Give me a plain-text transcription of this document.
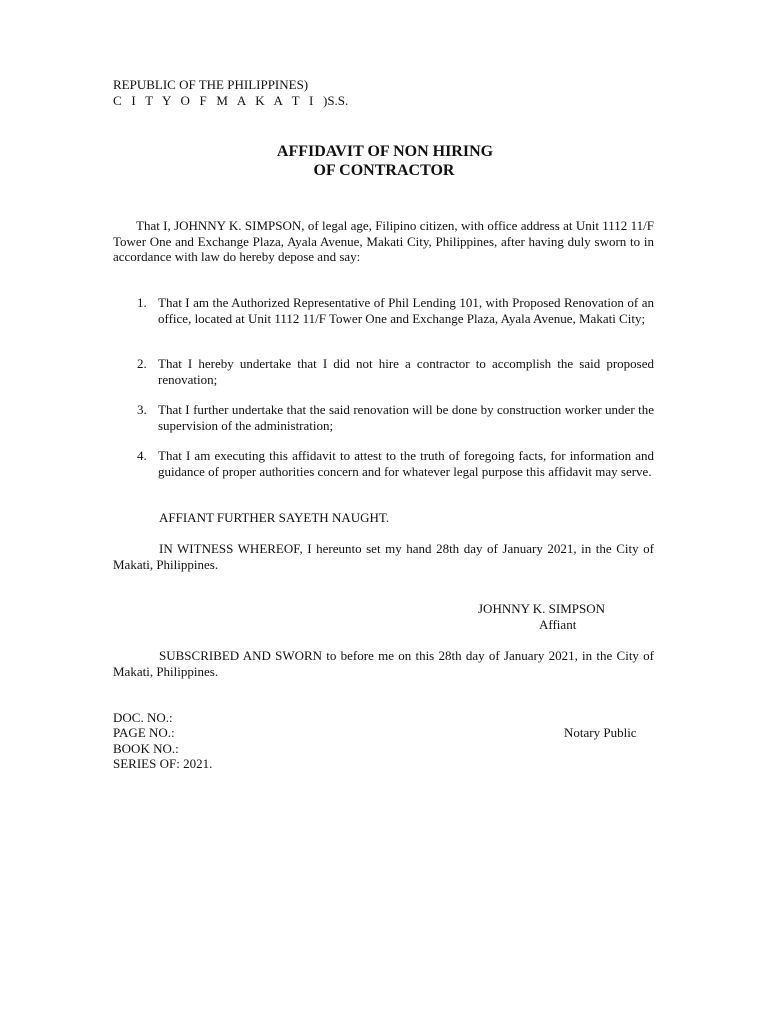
REPUBLIC OF THE PHILIPPINES)
C I T Y O F M A K A T I )S.S.
AFFIDAVIT OF NON HIRING
OF CONTRACTOR
That I, JOHNNY K. SIMPSON, of legal age, Filipino citizen, with office address at Unit 1112 11/F Tower One and Exchange Plaza, Ayala Avenue, Makati City, Philippines, after having duly sworn to in accordance with law do hereby depose and say:
1. That I am the Authorized Representative of Phil Lending 101, with Proposed Renovation of an office, located at Unit 1112 11/F Tower One and Exchange Plaza, Ayala Avenue, Makati City;
2. That I hereby undertake that I did not hire a contractor to accomplish the said proposed renovation;
3. That I further undertake that the said renovation will be done by construction worker under the supervision of the administration;
4. That I am executing this affidavit to attest to the truth of foregoing facts, for information and guidance of proper authorities concern and for whatever legal purpose this affidavit may serve.
AFFIANT FURTHER SAYETH NAUGHT.
IN WITNESS WHEREOF, I hereunto set my hand 28th day of January 2021, in the City of Makati, Philippines.
JOHNNY K. SIMPSON
Affiant
SUBSCRIBED AND SWORN to before me on this 28th day of January 2021, in the City of Makati, Philippines.
DOC. NO.:
PAGE NO.:
BOOK NO.:
SERIES OF: 2021.
Notary Public
